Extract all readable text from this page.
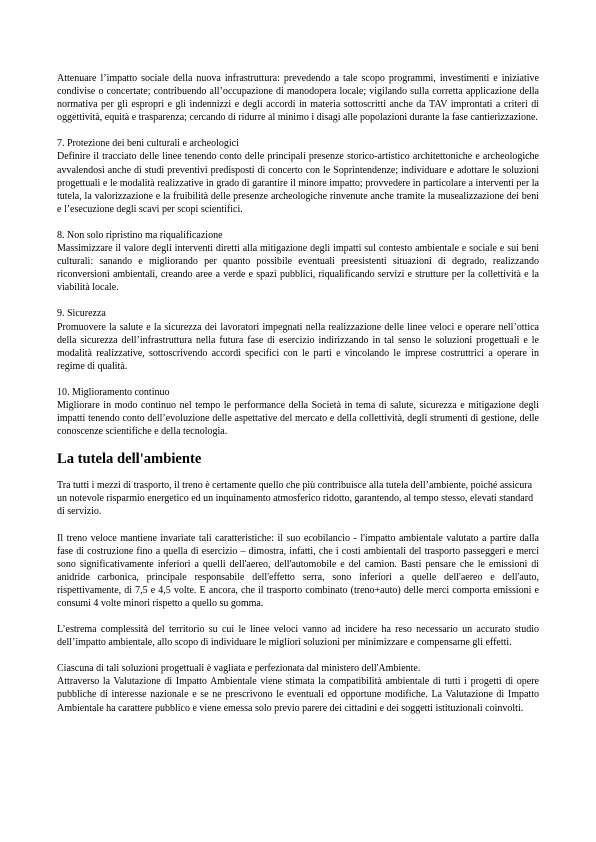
Attenuare l’impatto sociale della nuova infrastruttura: prevedendo a tale scopo programmi, investimenti e iniziative condivise o concertate; contribuendo all’occupazione di manodopera locale; vigilando sulla corretta applicazione della normativa per gli espropri e gli indennizzi e degli accordi in materia sottoscritti anche da TAV improntati a criteri di oggettività, equità e trasparenza; cercando di ridurre al minimo i disagi alle popolazioni durante la fase cantierizzazione.

7. Protezione dei beni culturali e archeologici

Definire il tracciato delle linee tenendo conto delle principali presenze storico-artistico architettoniche e archeologiche avvalendosi anche di studi preventivi predisposti di concerto con le Soprintendenze; individuare e adottare le soluzioni progettuali e le modalità realizzative in grado di garantire il minore impatto; provvedere in particolare a interventi per la tutela, la valorizzazione e la fruibilità delle presenze archeologiche rinvenute anche tramite la musealizzazione dei beni e l’esecuzione degli scavi per scopi scientifici.

8. Non solo ripristino ma riqualificazione

Massimizzare il valore degli interventi diretti alla mitigazione degli impatti sul contesto ambientale e sociale e sui beni culturali: sanando e migliorando per quanto possibile eventuali preesistenti situazioni di degrado, realizzando riconversioni ambientali, creando aree a verde e spazi pubblici, riqualificando servizi e strutture per la collettività e la viabilità locale.

9. Sicurezza

Promuovere la salute e la sicurezza dei lavoratori impegnati nella realizzazione delle linee veloci e operare nell’ottica della sicurezza dell’infrastruttura nella futura fase di esercizio indirizzando in tal senso le soluzioni progettuali e le modalità realizzative, sottoscrivendo accordi specifici con le parti e vincolando le imprese costruttrici a operare in regime di qualità.

10. Miglioramento continuo

Migliorare in modo continuo nel tempo le performance della Società in tema di salute, sicurezza e mitigazione degli impatti tenendo conto dell’evoluzione delle aspettative del mercato e della collettività, degli strumenti di gestione, delle conoscenze scientifiche e della tecnologia.

La tutela dell'ambiente

Tra tutti i mezzi di trasporto, il treno è certamente quello che più contribuisce alla tutela dell’ambiente, poiché assicura un notevole risparmio energetico ed un inquinamento atmosferico ridotto, garantendo, al tempo stesso, elevati standard di servizio.

Il treno veloce mantiene invariate tali caratteristiche: il suo ecobilancio - l'impatto ambientale valutato a partire dalla fase di costruzione fino a quella di esercizio – dimostra, infatti, che i costi ambientali del trasporto passeggeri e merci sono significativamente inferiori a quelli dell'aereo, dell'automobile e del camion. Basti pensare che le emissioni di anidride carbonica, principale responsabile dell'effetto serra, sono inferiori a quelle dell'aereo e dell'auto, rispettivamente, di 7,5 e 4,5 volte. E ancora, che il trasporto combinato (treno+auto) delle merci comporta emissioni e consumi 4 volte minori rispetto a quello su gomma.

L’estrema complessità del territorio su cui le linee veloci vanno ad incidere ha reso necessario un accurato studio dell’impatto ambientale, allo scopo di individuare le migliori soluzioni per minimizzare e compensarne gli effetti.

Ciascuna di tali soluzioni progettuali è vagliata e perfezionata dal ministero dell'Ambiente.

Attraverso la Valutazione di Impatto Ambientale viene stimata la compatibilità ambientale di tutti i progetti di opere pubbliche di interesse nazionale e se ne prescrivono le eventuali ed opportune modifiche. La Valutazione di Impatto Ambientale ha carattere pubblico e viene emessa solo previo parere dei cittadini e dei soggetti istituzionali coinvolti.
